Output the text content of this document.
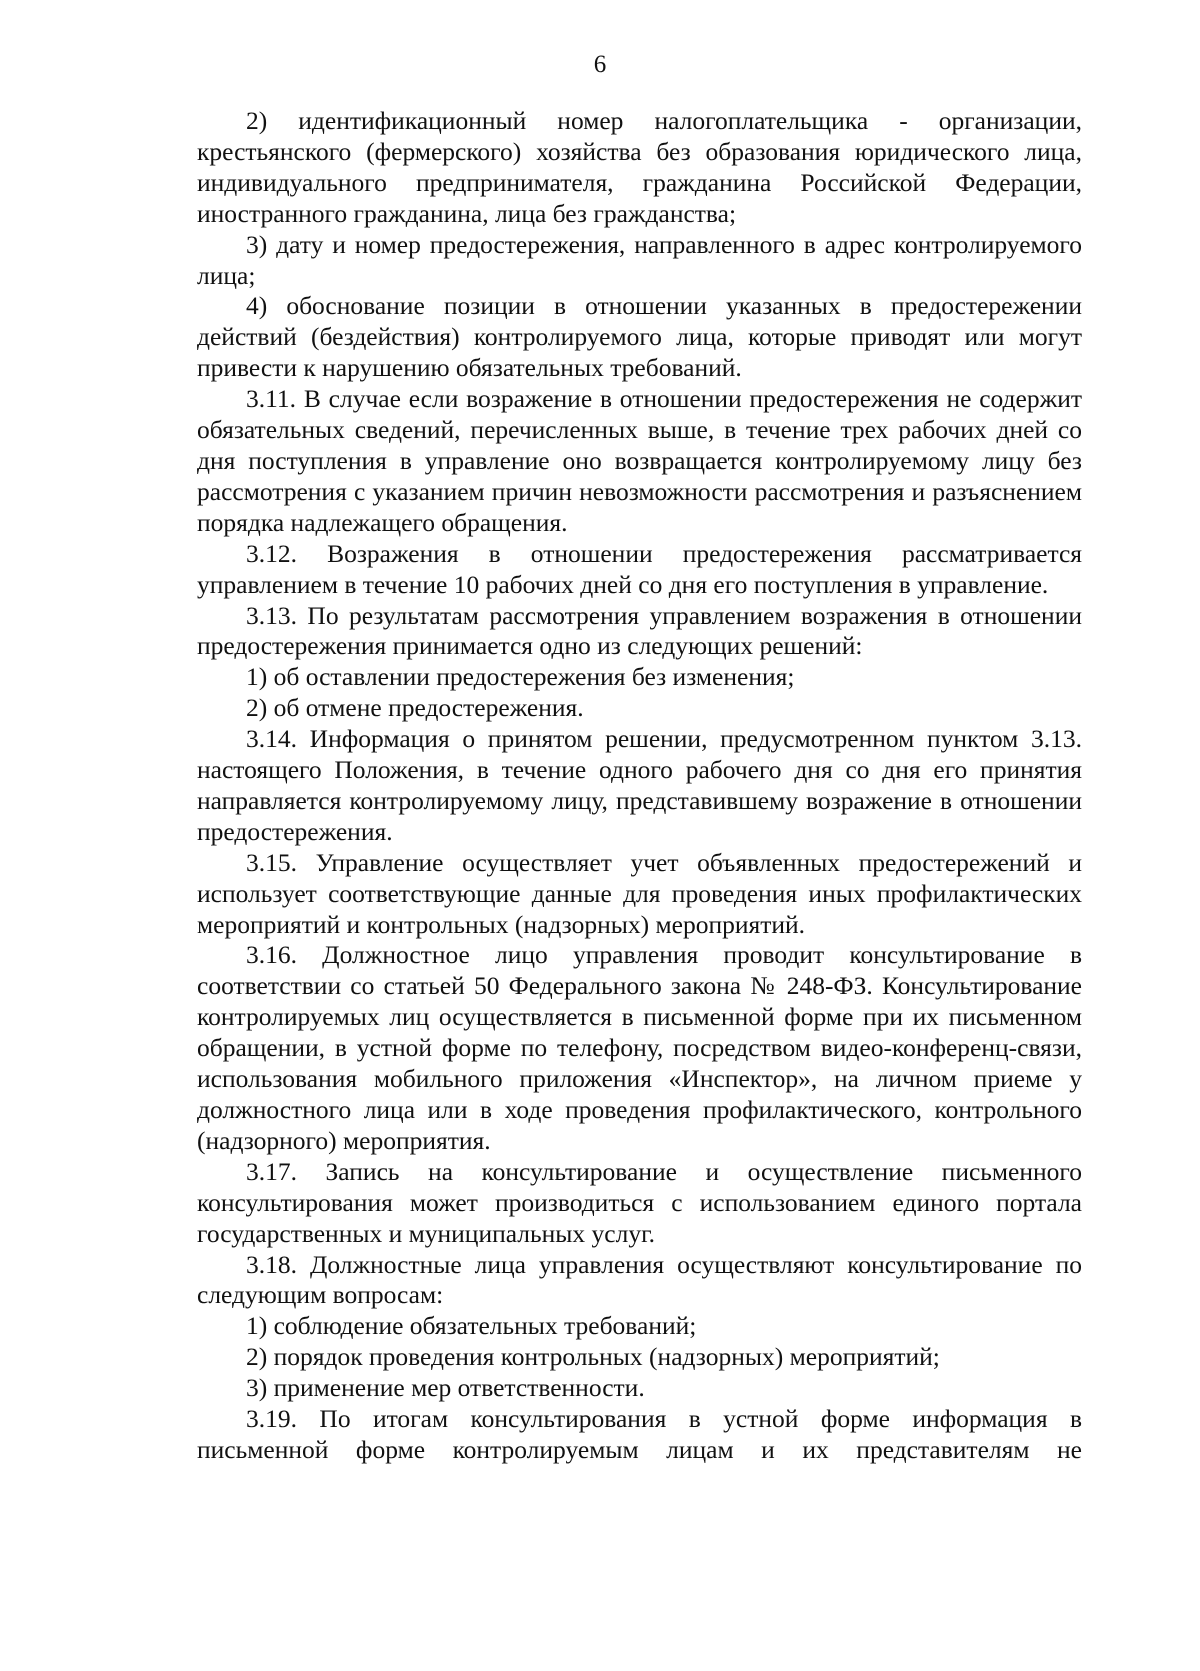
6

2) идентификационный номер налогоплательщика - организации, крестьянского (фермерского) хозяйства без образования юридического лица, индивидуального предпринимателя, гражданина Российской Федерации, иностранного гражданина, лица без гражданства;

3) дату и номер предостережения, направленного в адрес контролируемого лица;

4) обоснование позиции в отношении указанных в предостережении действий (бездействия) контролируемого лица, которые приводят или могут привести к нарушению обязательных требований.

3.11. В случае если возражение в отношении предостережения не содержит обязательных сведений, перечисленных выше, в течение трех рабочих дней со дня поступления в управление оно возвращается контролируемому лицу без рассмотрения с указанием причин невозможности рассмотрения и разъяснением порядка надлежащего обращения.

3.12. Возражения в отношении предостережения рассматривается управлением в течение 10 рабочих дней со дня его поступления в управление.

3.13. По результатам рассмотрения управлением возражения в отношении предостережения принимается одно из следующих решений:

1) об оставлении предостережения без изменения;

2) об отмене предостережения.

3.14. Информация о принятом решении, предусмотренном пунктом 3.13. настоящего Положения, в течение одного рабочего дня со дня его принятия направляется контролируемому лицу, представившему возражение в отношении предостережения.

3.15. Управление осуществляет учет объявленных предостережений и использует соответствующие данные для проведения иных профилактических мероприятий и контрольных (надзорных) мероприятий.

3.16. Должностное лицо управления проводит консультирование в соответствии со статьей 50 Федерального закона № 248-ФЗ. Консультирование контролируемых лиц осуществляется в письменной форме при их письменном обращении, в устной форме по телефону, посредством видео-конференц-связи, использования мобильного приложения «Инспектор», на личном приеме у должностного лица или в ходе проведения профилактического, контрольного (надзорного) мероприятия.

3.17. Запись на консультирование и осуществление письменного консультирования может производиться с использованием единого портала государственных и муниципальных услуг.

3.18. Должностные лица управления осуществляют консультирование по следующим вопросам:

1) соблюдение обязательных требований;

2) порядок проведения контрольных (надзорных) мероприятий;

3) применение мер ответственности.

3.19. По итогам консультирования в устной форме информация в письменной форме контролируемым лицам и их представителям не
